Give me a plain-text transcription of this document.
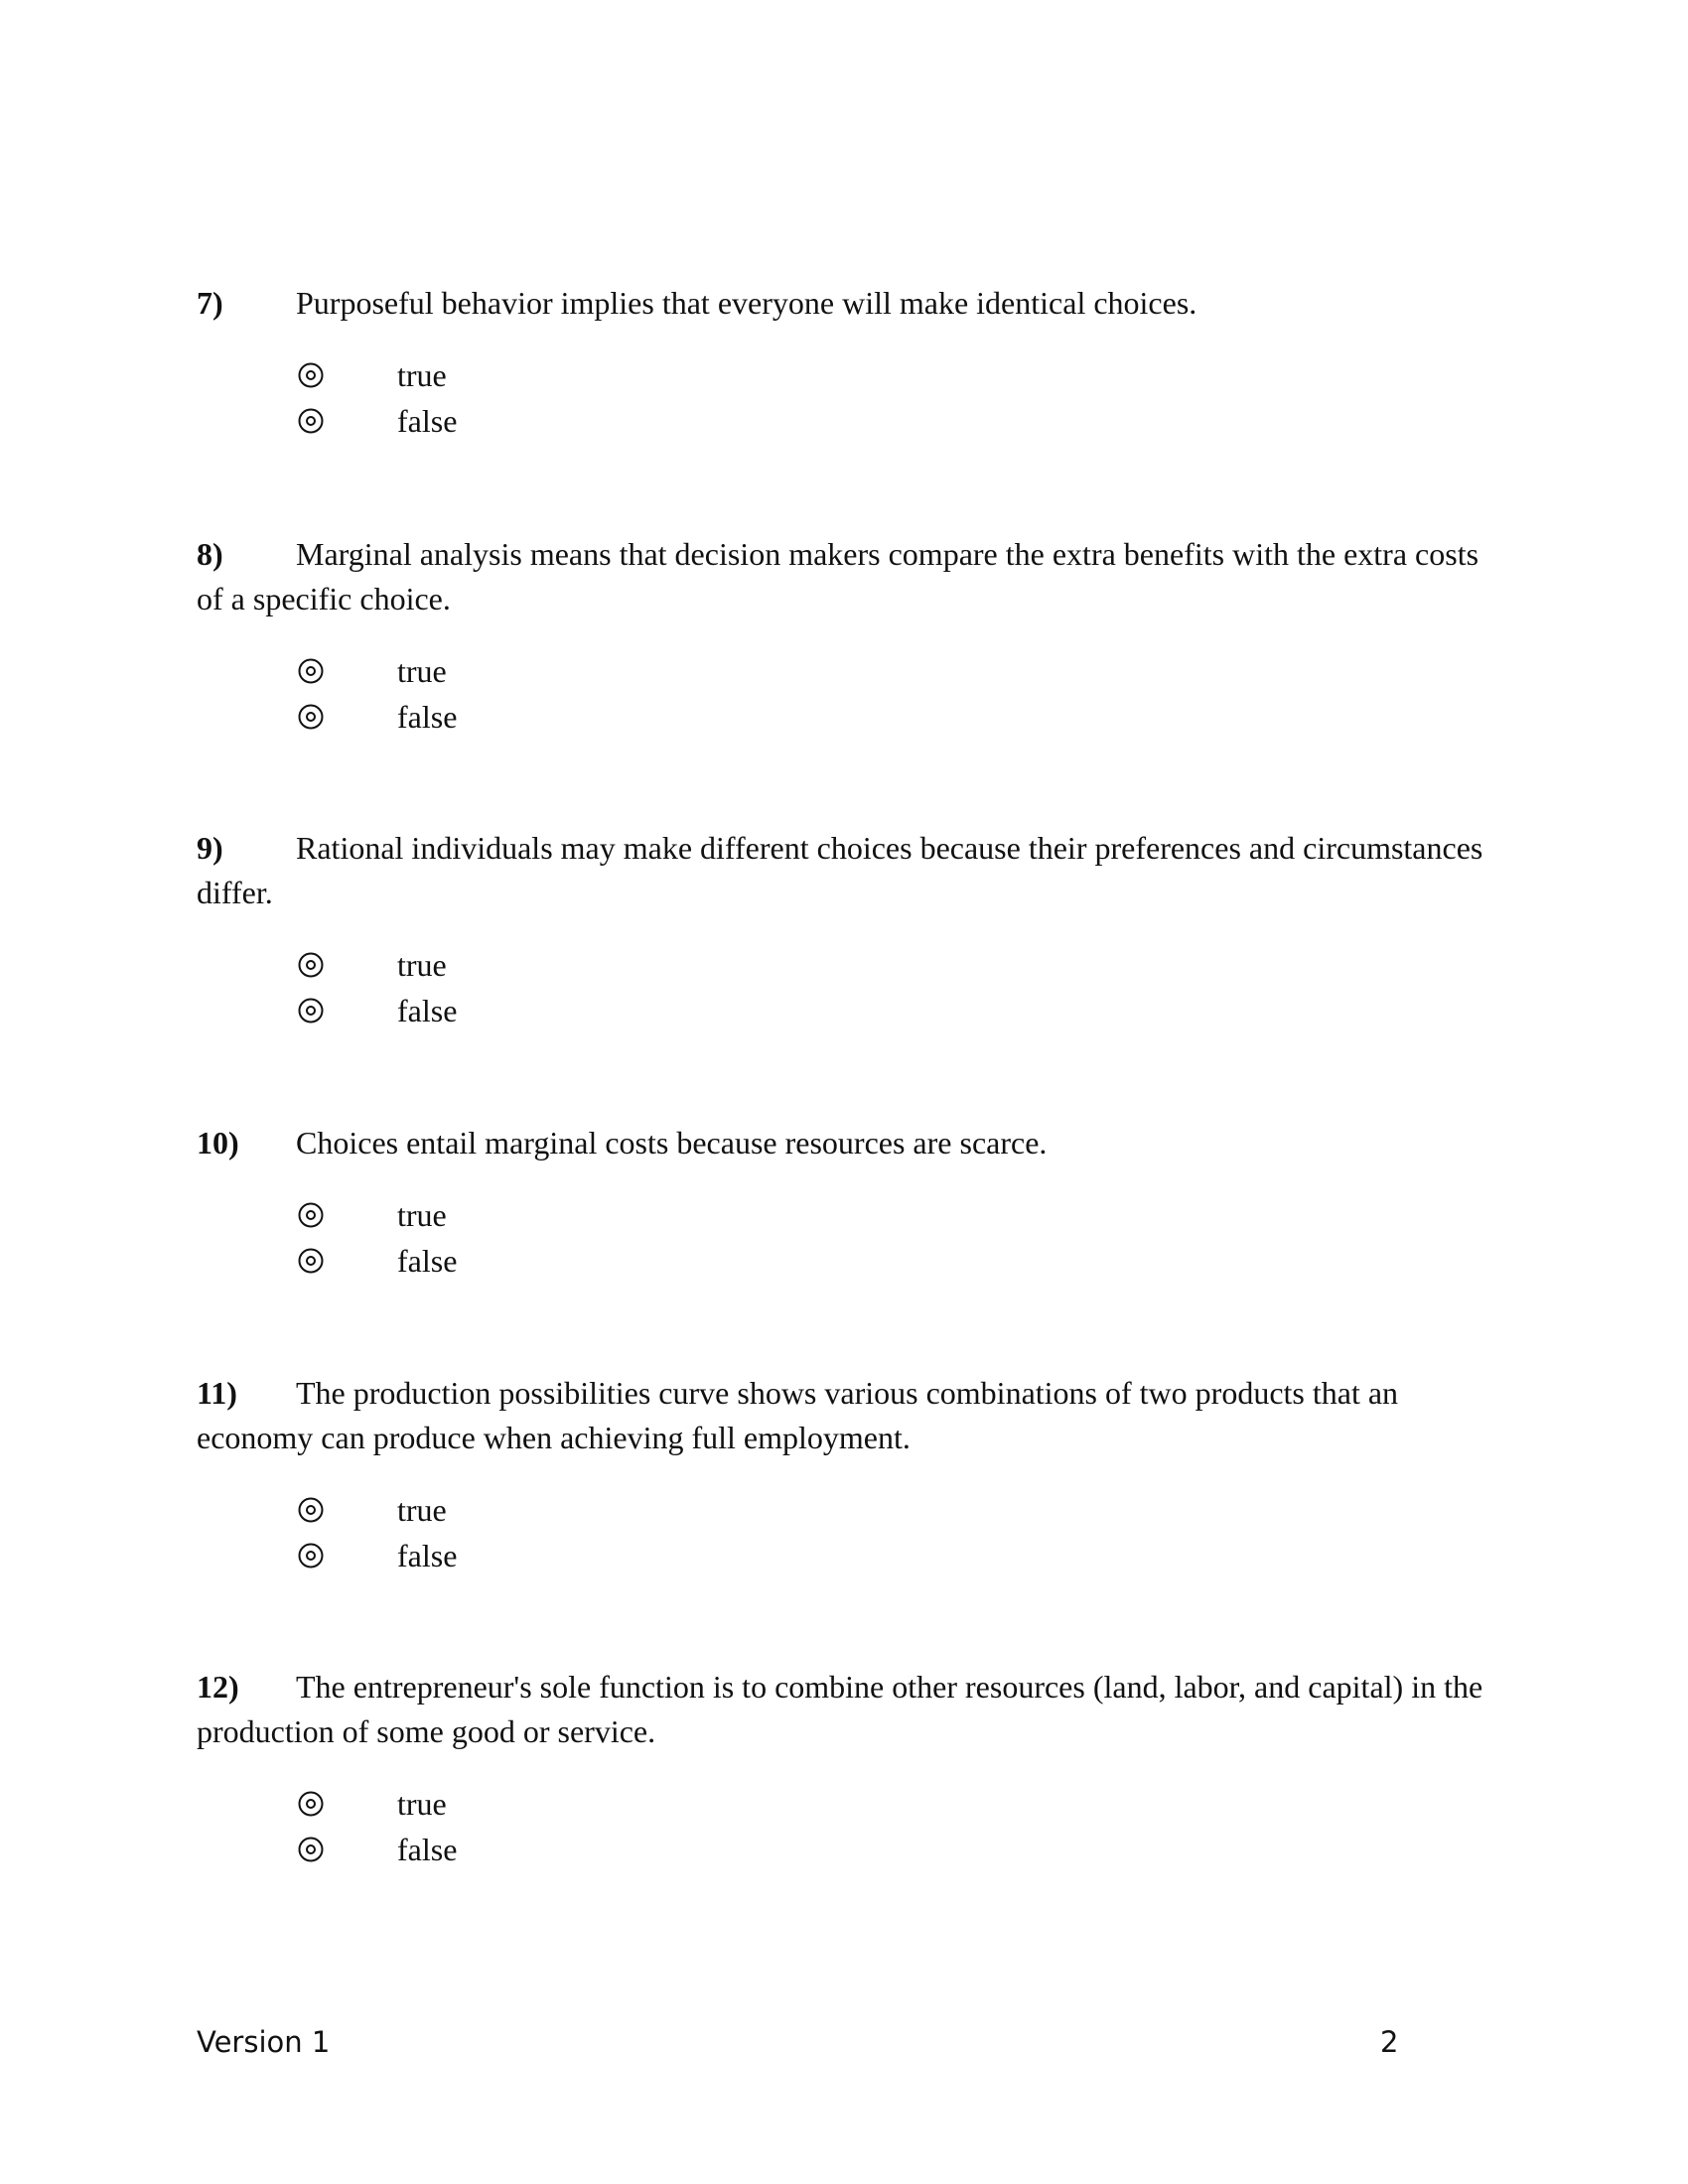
7) Purposeful behavior implies that everyone will make identical choices.

true
false

8) Marginal analysis means that decision makers compare the extra benefits with the extra costs of a specific choice.

true
false

9) Rational individuals may make different choices because their preferences and circumstances differ.

true
false

10) Choices entail marginal costs because resources are scarce.

true
false

11) The production possibilities curve shows various combinations of two products that an economy can produce when achieving full employment.

true
false

12) The entrepreneur's sole function is to combine other resources (land, labor, and capital) in the production of some good or service.

true
false
Version 1	2
